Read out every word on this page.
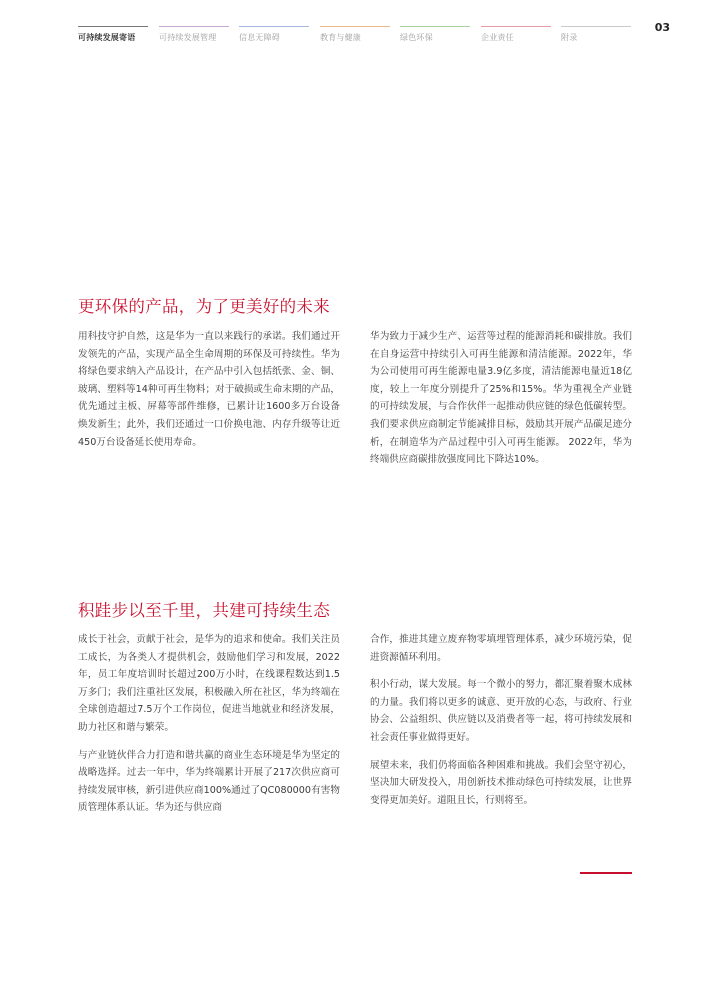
可持续发展寄语	可持续发展管理	信息无障碍	教育与健康	绿色环保	企业责任	附录
03
更环保的产品，为了更美好的未来

用科技守护自然，这是华为一直以来践行的承诺。我们通过开发领先的产品，实现产品全生命周期的环保及可持续性。华为将绿色要求纳入产品设计，在产品中引入包括纸张、金、铜、玻璃、塑料等14种可再生物料；对于破损或生命末期的产品，优先通过主板、屏幕等部件维修，已累计让1600多万台设备焕发新生；此外，我们还通过一口价换电池、内存升级等让近450万台设备延长使用寿命。

华为致力于减少生产、运营等过程的能源消耗和碳排放。我们在自身运营中持续引入可再生能源和清洁能源。2022年，华为公司使用可再生能源电量3.9亿多度，清洁能源电量近18亿度，较上一年度分别提升了25%和15%。华为重视全产业链的可持续发展，与合作伙伴一起推动供应链的绿色低碳转型。我们要求供应商制定节能减排目标，鼓励其开展产品碳足迹分析，在制造华为产品过程中引入可再生能源。 2022年，华为终端供应商碳排放强度同比下降达10%。

积跬步以至千里，共建可持续生态

成长于社会，贡献于社会，是华为的追求和使命。我们关注员工成长，为各类人才提供机会，鼓励他们学习和发展，2022年，员工年度培训时长超过200万小时，在线课程数达到1.5万多门；我们注重社区发展，积极融入所在社区，华为终端在全球创造超过7.5万个工作岗位，促进当地就业和经济发展，助力社区和谐与繁荣。

与产业链伙伴合力打造和谐共赢的商业生态环境是华为坚定的战略选择。过去一年中，华为终端累计开展了217次供应商可持续发展审核，新引进供应商100%通过了QC080000有害物质管理体系认证。华为还与供应商

合作，推进其建立废弃物零填埋管理体系，减少环境污染，促进资源循环利用。

积小行动，谋大发展。每一个微小的努力，都汇聚着聚木成林的力量。我们将以更多的诚意、更开放的心态，与政府、行业协会、公益组织、供应链以及消费者等一起，将可持续发展和社会责任事业做得更好。

展望未来，我们仍将面临各种困难和挑战。我们会坚守初心，坚决加大研发投入，用创新技术推动绿色可持续发展，让世界变得更加美好。道阻且长，行则将至。
